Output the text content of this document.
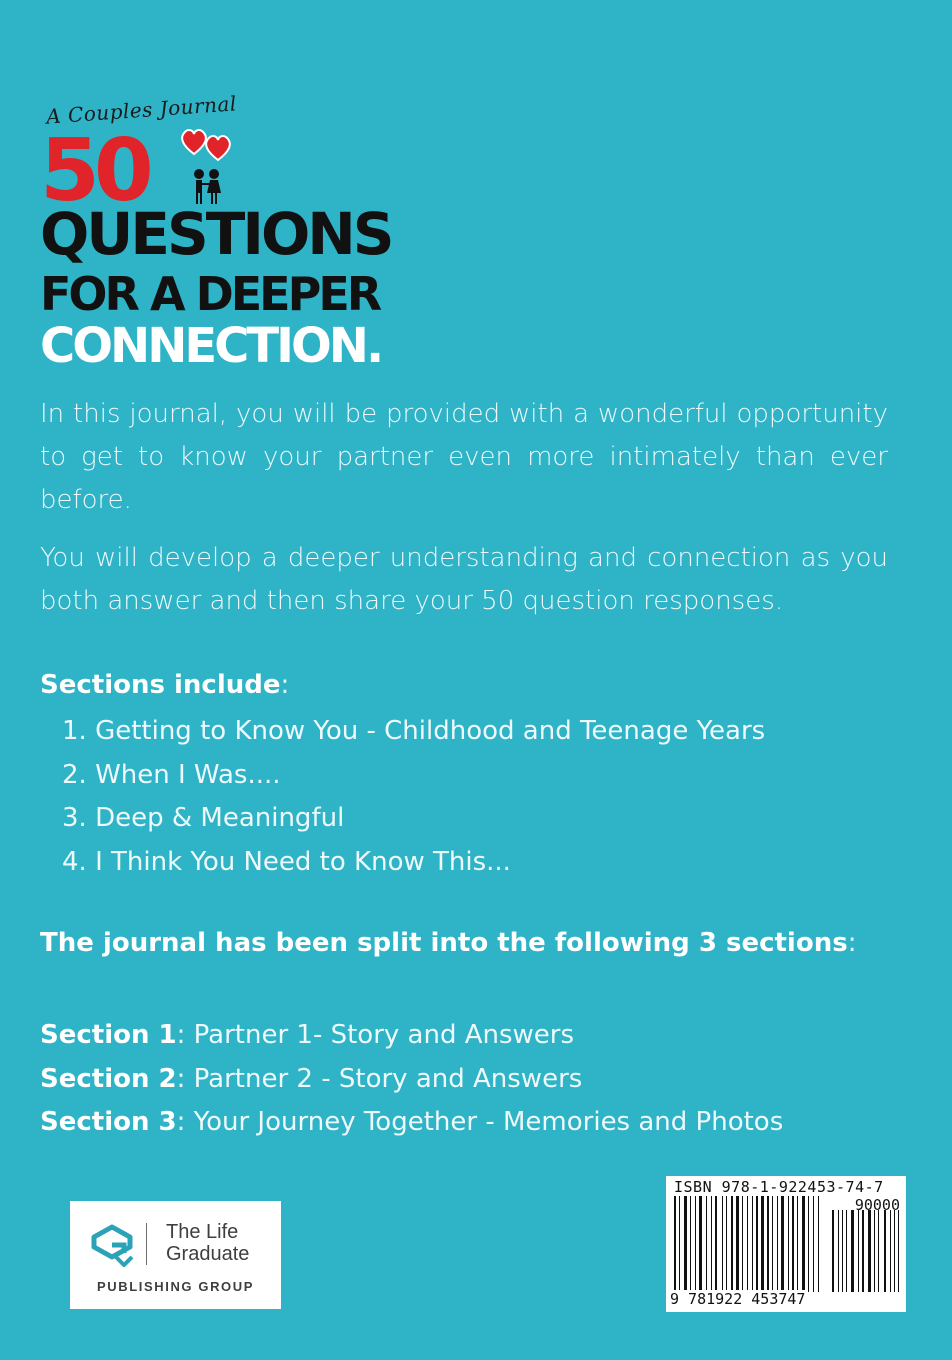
A Couples Journal
50
QUESTIONS
FOR A DEEPER
CONNECTION.

In this journal, you will be provided with a wonderful opportunity to get to know your partner even more intimately than ever before.

You will develop a deeper understanding and connection as you both answer and then share your 50 question responses.

Sections include:
1. Getting to Know You - Childhood and Teenage Years
2. When I Was....
3. Deep & Meaningful
4. I Think You Need to Know This...
The journal has been split into the following 3 sections:
Section 1: Partner 1- Story and Answers
Section 2: Partner 2 - Story and Answers
Section 3: Your Journey Together - Memories and Photos
The Life
Graduate
PUBLISHING GROUP
ISBN 978-1-922453-74-7
90000
9 781922 453747
